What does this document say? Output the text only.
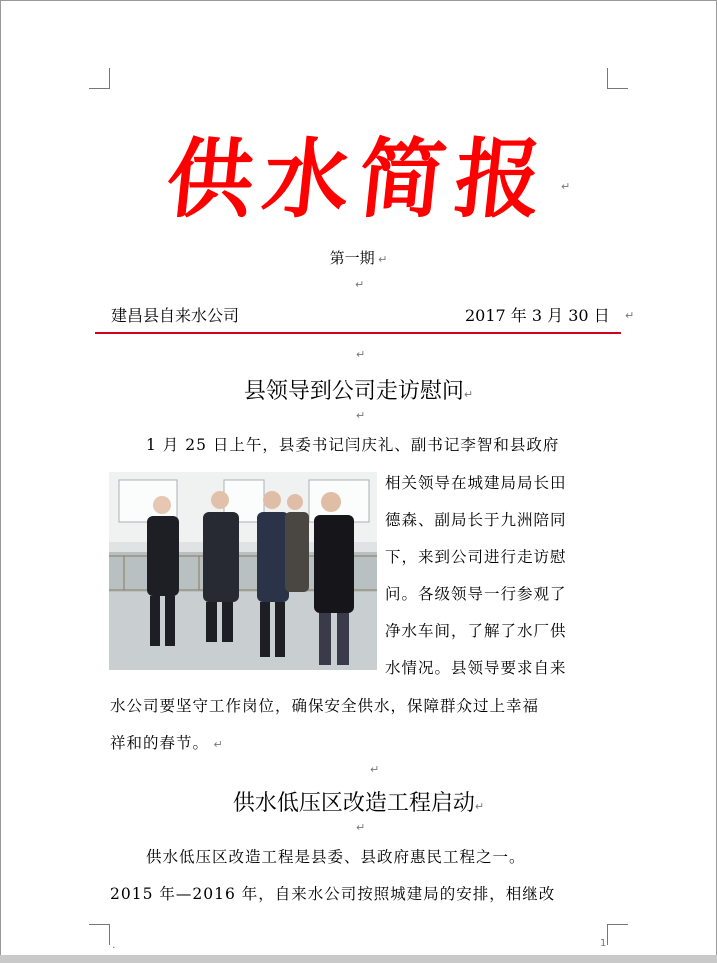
供水简报 ↵
第一期 ↵
↵
建昌县自来水公司	2017 年 3 月 30 日 ↵
↵
县领导到公司走访慰问↵
↵
1 月 25 日上午，县委书记闫庆礼、副书记李智和县政府
相关领导在城建局局长田
德森、副局长于九洲陪同
下，来到公司进行走访慰
问。各级领导一行参观了
净水车间，了解了水厂供
水情况。县领导要求自来
水公司要坚守工作岗位，确保安全供水，保障群众过上幸福
祥和的春节。 ↵
↵
供水低压区改造工程启动↵
↵
供水低压区改造工程是县委、县政府惠民工程之一。
2015 年—2016 年，自来水公司按照城建局的安排，相继改
.	1
